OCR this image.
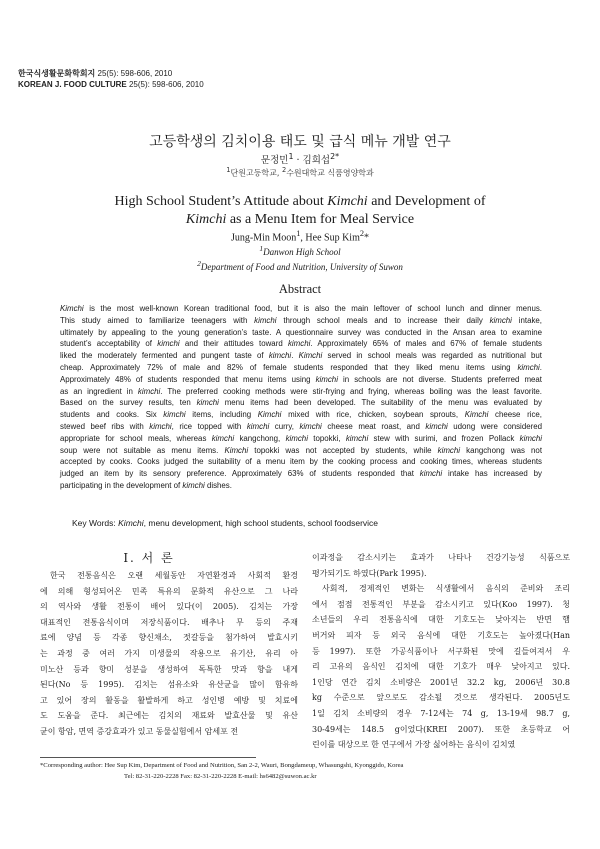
한국식생활문화학회지 25(5): 598-606, 2010
KOREAN J. FOOD CULTURE 25(5): 598-606, 2010
고등학생의 김치이용 태도 및 급식 메뉴 개발 연구
문정민$^1$ · 김희섭$^{2*}$
$^1$단원고등학교, $^2$수원대학교 식품영양학과
High School Student’s Attitude about Kimchi and Development of
Kimchi as a Menu Item for Meal Service
Jung-Min Moon$^1$, Hee Sup Kim$^2$*
$^1$Danwon High School
$^2$Department of Food and Nutrition, University of Suwon
Abstract
Kimchi is the most well-known Korean traditional food, but it is also the main leftover of school lunch and dinner menus.
This study aimed to familiarize teenagers with kimchi through school meals and to increase their daily kimchi intake,
ultimately by appealing to the young generation’s taste. A questionnaire survey was conducted in the Ansan area to examine
student’s acceptability of kimchi and their attitudes toward kimchi. Approximately 65% of males and 67% of female students
liked the moderately fermented and pungent taste of kimchi. Kimchi served in school meals was regarded as nutritional but
cheap. Approximately 72% of male and 82% of female students responded that they liked menu items using kimchi.
Approximately 48% of students responded that menu items using kimchi in schools are not diverse. Students preferred meat
as an ingredient in kimchi. The preferred cooking methods were stir-frying and frying, whereas boiling was the least favorite.
Based on the survey results, ten kimchi menu items had been developed. The suitability of the menu was evaluated by
students and cooks. Six kimchi items, including Kimchi mixed with rice, chicken, soybean sprouts, Kimchi cheese rice,
stewed beef ribs with kimchi, rice topped with kimchi curry, kimchi cheese meat roast, and kimchi udong were considered
appropriate for school meals, whereas kimchi kangchong, kimchi topokki, kimchi stew with surimi, and frozen Pollack kimchi
soup were not suitable as menu items. Kimchi topokki was not accepted by students, while kimchi kangchong was not
accepted by cooks. Cooks judged the suitability of a menu item by the cooking process and cooking times, whereas students
judged an item by its sensory preference. Approximately 63% of students responded that kimchi intake has increased by
participating in the development of kimchi dishes.
Key Words: Kimchi, menu development, high school students, school foodservice
Ⅰ. 서 론

한국 전통음식은 오랜 세월동안 자연환경과 사회적 환경

에 의해 형성되어온 민족 특유의 문화적 유산으로 그 나라

의 역사와 생활 전통이 배어 있다(이 2005). 김치는 가장

대표적인 전통음식이며 저장식품이다. 배추나 무 등의 주재

료에 양념 등 각종 향신채소, 젓갈등을 첨가하여 발효시키

는 과정 중 여러 가지 미생물의 작용으로 유기산, 유리 아

미노산 등과 향미 성분을 생성하여 독특한 맛과 향을 내게

된다(No 등 1995). 김치는 섬유소와 유산균을 많이 함유하

고 있어 장의 활동을 활발하게 하고 성인병 예방 및 치료에

도 도움을 준다. 최근에는 김치의 재료와 발효산물 및 유산

균이 항암, 면역 증강효과가 있고 동물실험에서 암세포 전

이과정을 감소시키는 효과가 나타나 건강기능성 식품으로

평가되기도 하였다(Park 1995).

사회적, 경제적인 변화는 식생활에서 음식의 준비와 조리

에서 점점 전통적인 부분을 감소시키고 있다(Koo 1997). 청

소년들의 우리 전통음식에 대한 기호도는 낮아지는 반면 햄

버거와 피자 등 외국 음식에 대한 기호도는 높아졌다(Han

등 1997). 또한 가공식품이나 서구화된 맛에 길들여져서 우

리 고유의 음식인 김치에 대한 기호가 매우 낮아지고 있다.

1인당 연간 김치 소비량은 2001년 32.2 kg, 2006년 30.8

kg 수준으로 앞으로도 감소될 것으로 생각된다. 2005년도

1일 김치 소비량의 경우 7-12세는 74 g, 13-19세 98.7 g,

30-49세는 148.5 g이었다(KREI 2007). 또한 초등학교 어

린이를 대상으로 한 연구에서 가장 싫어하는 음식이 김치였

*Corresponding author: Hee Sup Kim, Department of Food and Nutrition, San 2-2, Wauri, Bongdameup, Whasungshi, Kyonggido, Korea
Tel: 82-31-220-2228 Fax: 82-31-220-2228 E-mail: hs6482@suwon.ac.kr
